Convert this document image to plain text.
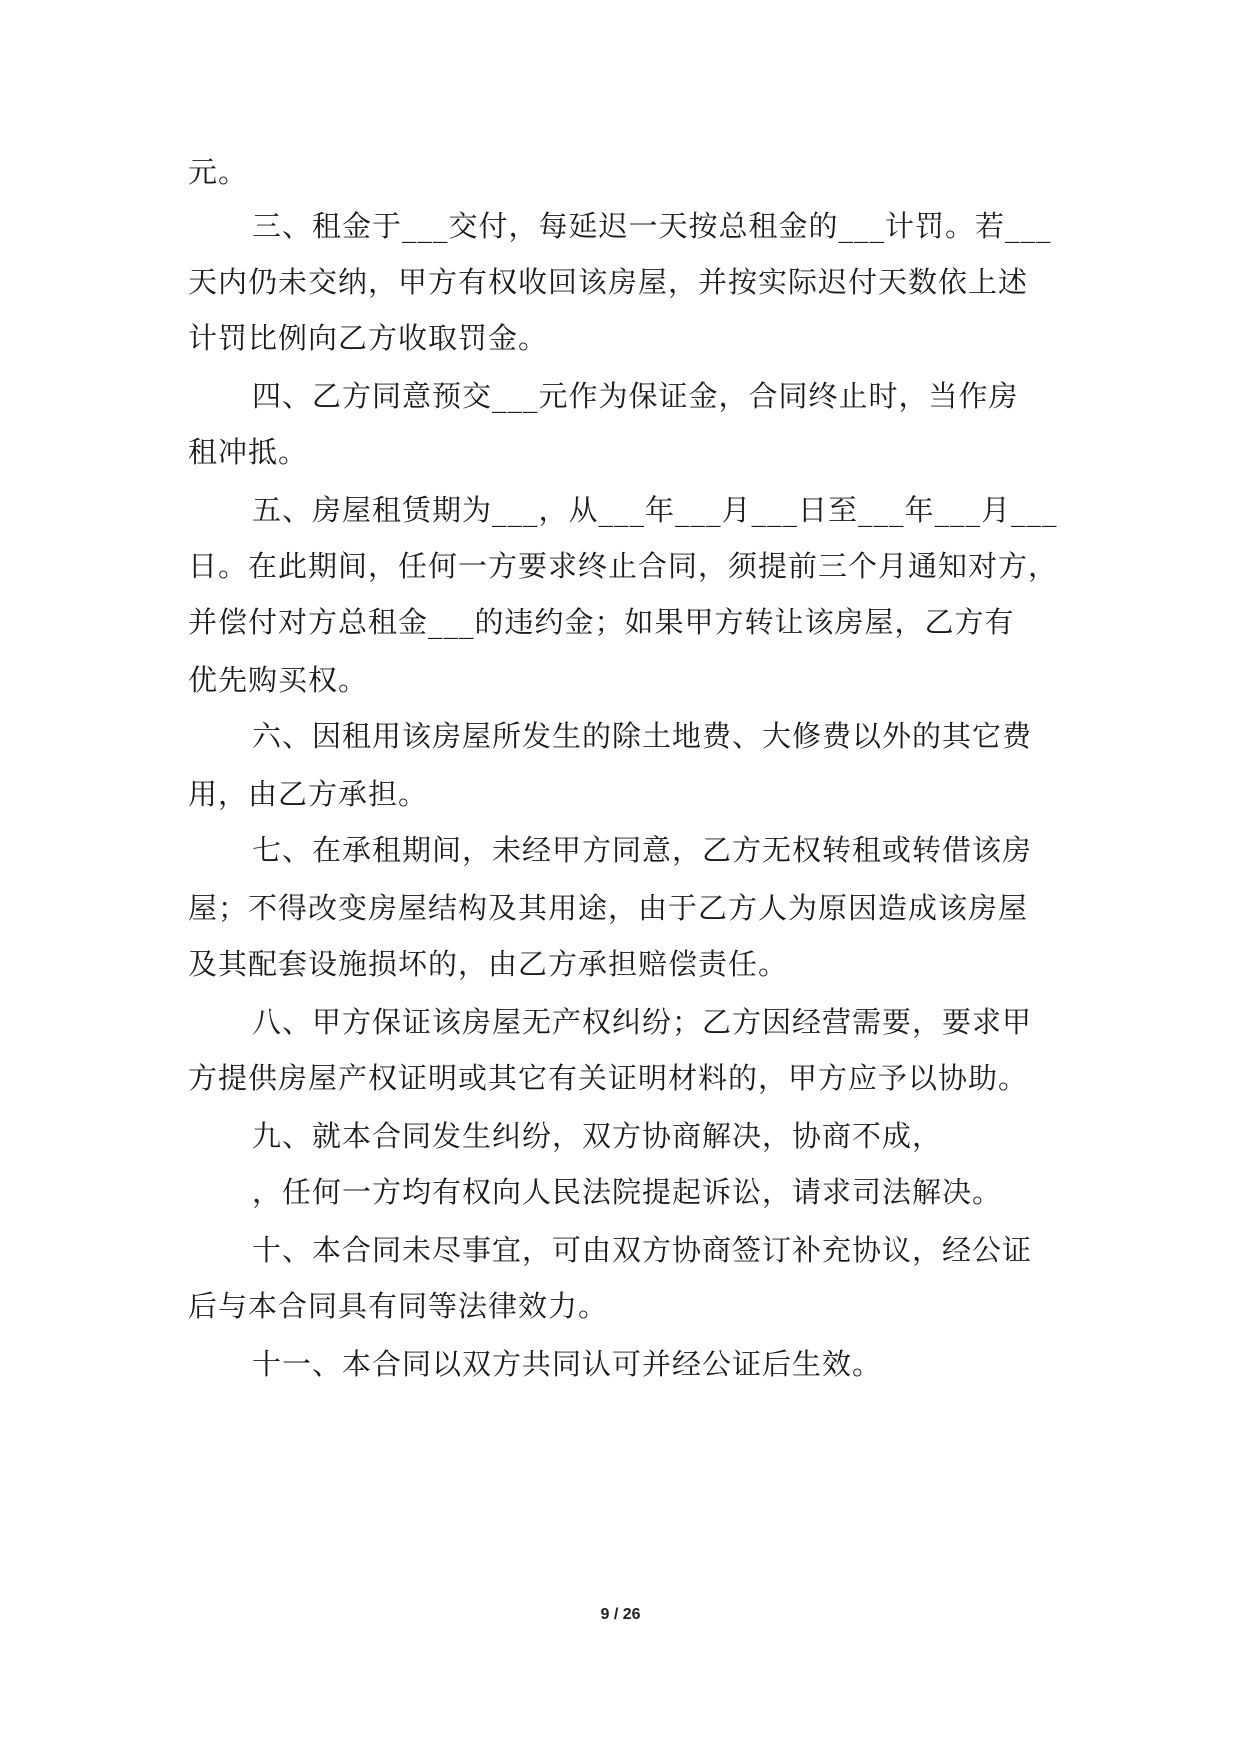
元。
三、租金于___交付，每延迟一天按总租金的___计罚。若___
天内仍未交纳，甲方有权收回该房屋，并按实际迟付天数依上述
计罚比例向乙方收取罚金。
四、乙方同意预交___元作为保证金，合同终止时，当作房
租冲抵。
五、房屋租赁期为___，从___年___月___日至___年___月___
日。在此期间，任何一方要求终止合同，须提前三个月通知对方，
并偿付对方总租金___的违约金；如果甲方转让该房屋，乙方有
优先购买权。
六、因租用该房屋所发生的除土地费、大修费以外的其它费
用，由乙方承担。
七、在承租期间，未经甲方同意，乙方无权转租或转借该房
屋；不得改变房屋结构及其用途，由于乙方人为原因造成该房屋
及其配套设施损坏的，由乙方承担赔偿责任。
八、甲方保证该房屋无产权纠纷；乙方因经营需要，要求甲
方提供房屋产权证明或其它有关证明材料的，甲方应予以协助。
九、就本合同发生纠纷，双方协商解决，协商不成，
，任何一方均有权向人民法院提起诉讼，请求司法解决。
十、本合同未尽事宜，可由双方协商签订补充协议，经公证
后与本合同具有同等法律效力。
十一、本合同以双方共同认可并经公证后生效。
9 / 26
